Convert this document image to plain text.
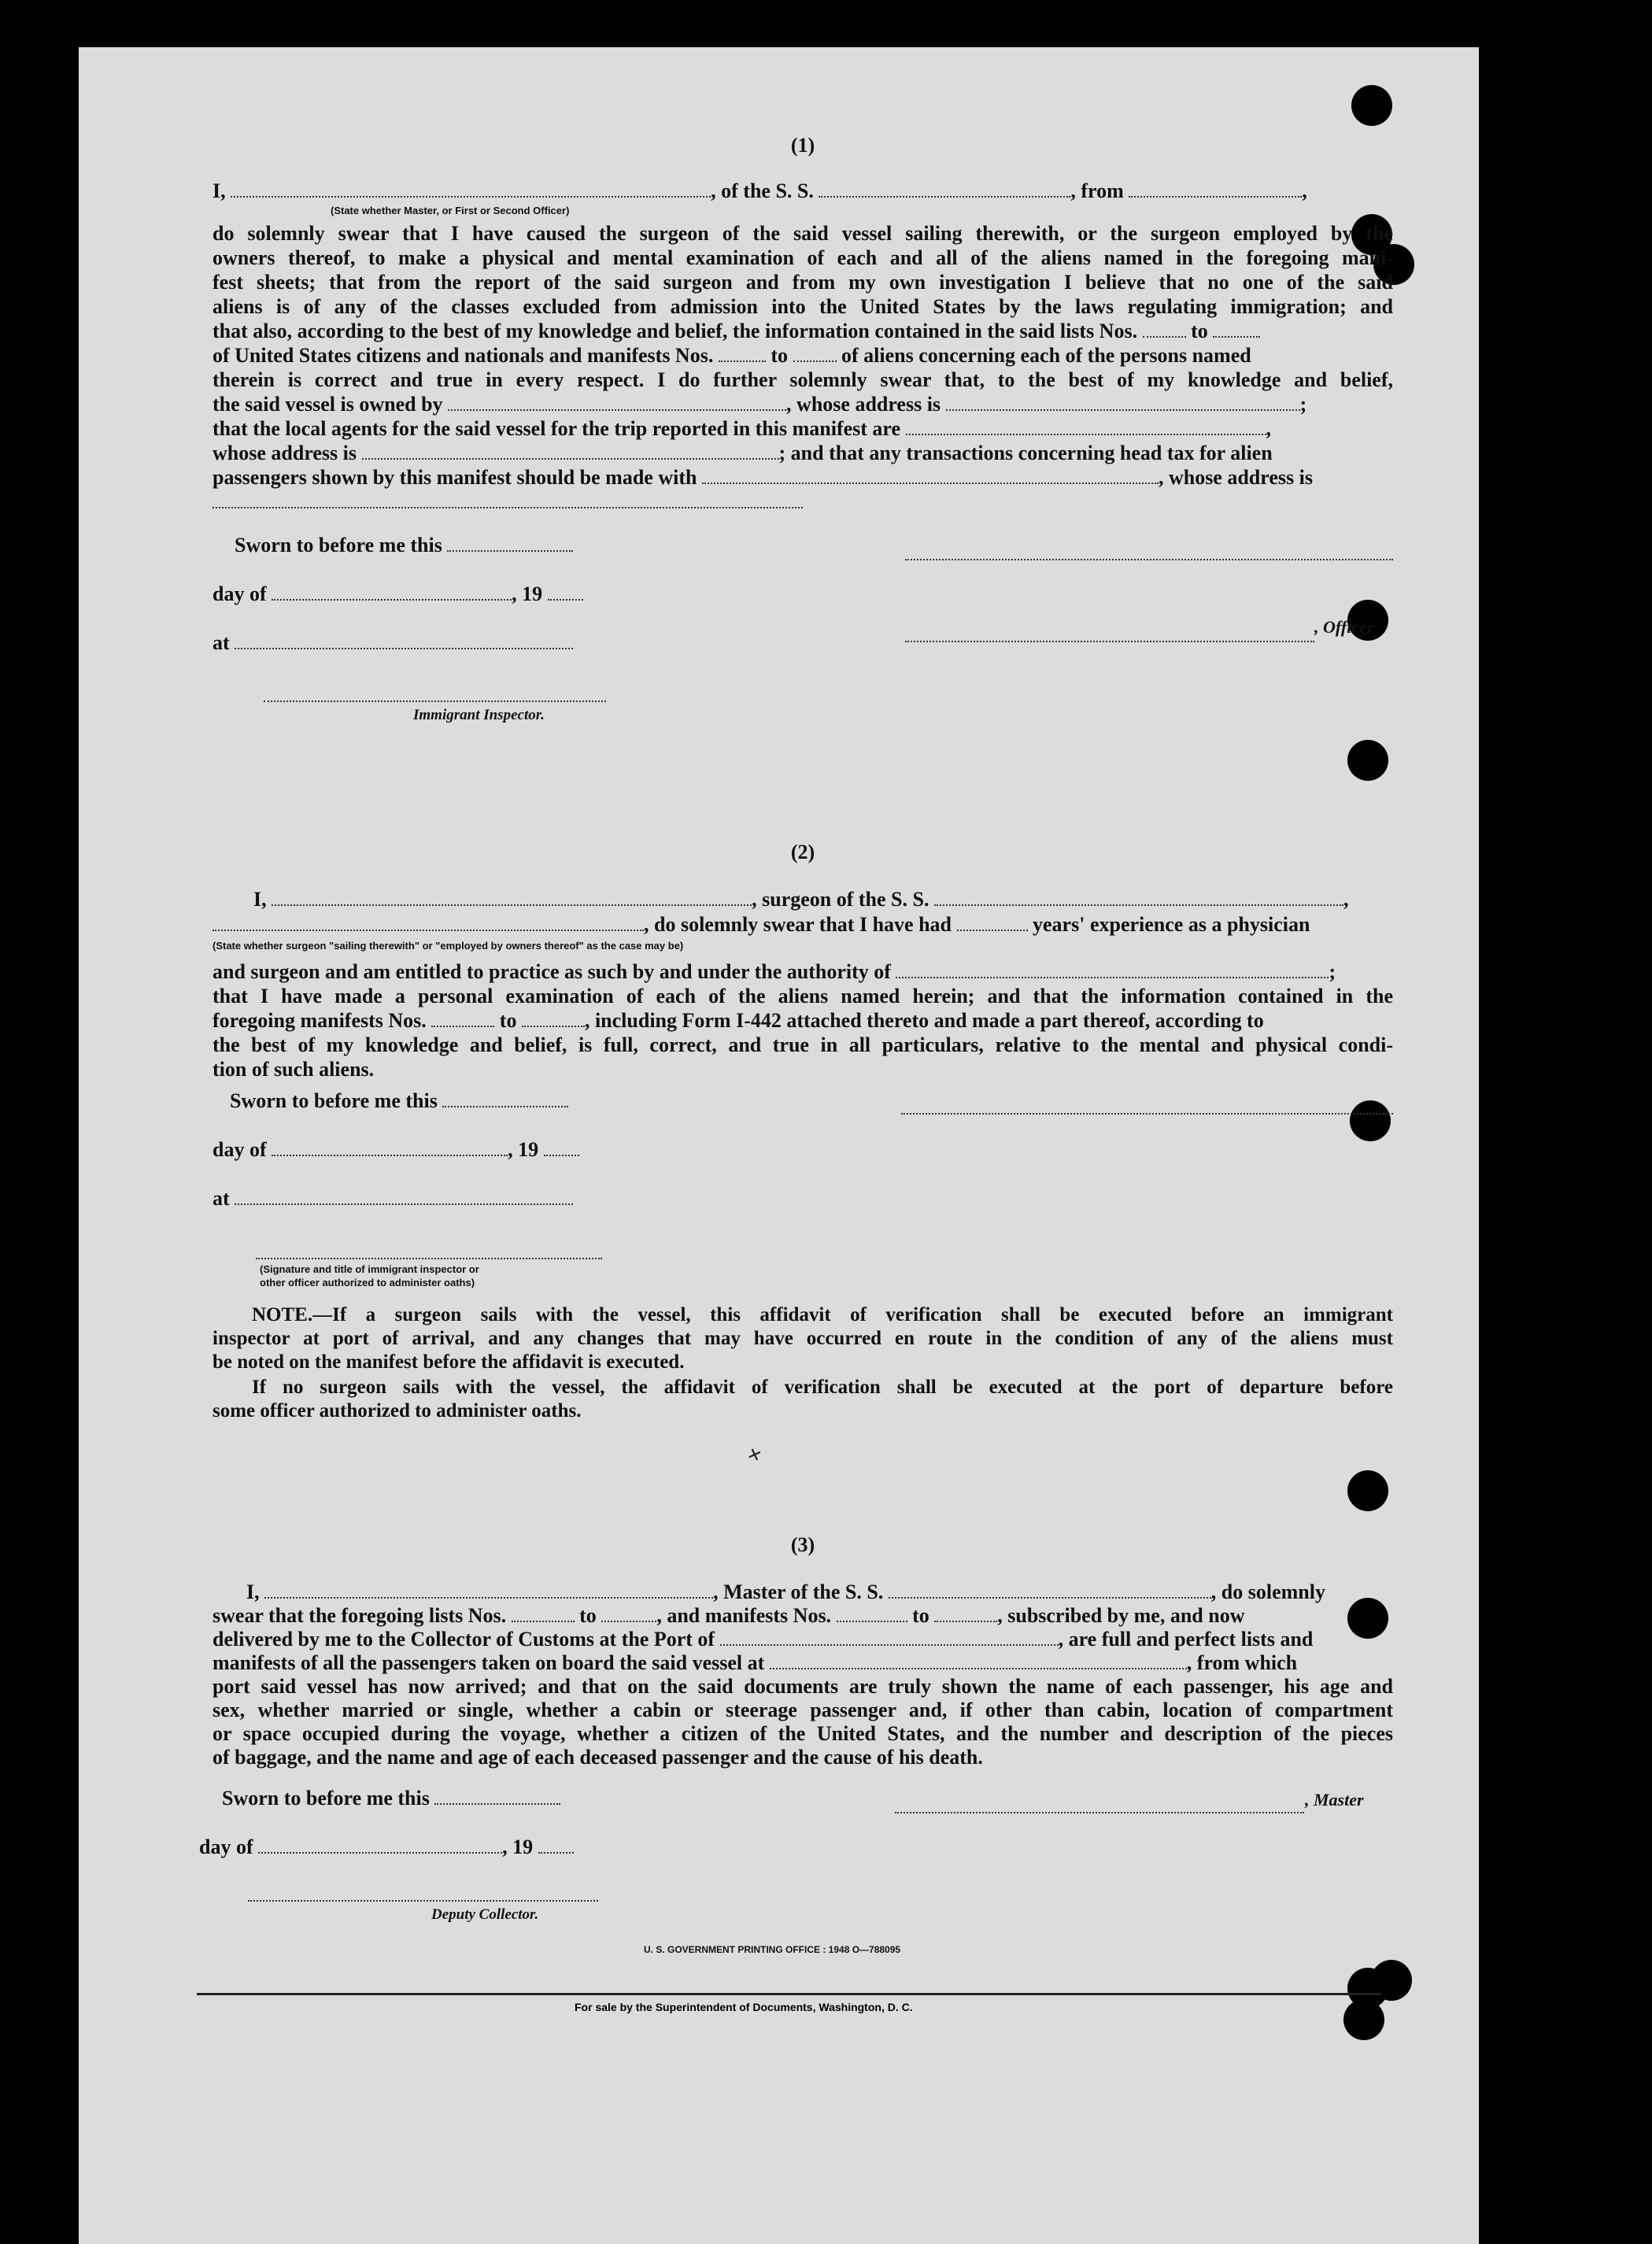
(1)
I,	, of the S. S.	, from	,
(State whether Master, or First or Second Officer)
do solemnly swear that I have caused the surgeon of the said vessel sailing therewith, or the surgeon employed by the
owners thereof, to make a physical and mental examination of each and all of the aliens named in the foregoing mani-
fest sheets; that from the report of the said surgeon and from my own investigation I believe that no one of the said
aliens is of any of the classes excluded from admission into the United States by the laws regulating immigration; and
that also, according to the best of my knowledge and belief, the information contained in the said lists Nos.	to
of United States citizens and nationals and manifests Nos.	to	of aliens concerning each of the persons named
therein is correct and true in every respect. I do further solemnly swear that, to the best of my knowledge and belief,
the said vessel is owned by	, whose address is	;
that the local agents for the said vessel for the trip reported in this manifest are	,
whose address is	; and that any transactions concerning head tax for alien
passengers shown by this manifest should be made with	, whose address is
Sworn to before me this
day of	, 19
, Officer
at
Immigrant Inspector.
(2)
I,	, surgeon of the S. S.	,
, do solemnly swear that I have had	years' experience as a physician
(State whether surgeon "sailing therewith" or "employed by owners thereof" as the case may be)
and surgeon and am entitled to practice as such by and under the authority of	;
that I have made a personal examination of each of the aliens named herein; and that the information contained in the
foregoing manifests Nos.	to	, including Form I-442 attached thereto and made a part thereof, according to
the best of my knowledge and belief, is full, correct, and true in all particulars, relative to the mental and physical condi-
tion of such aliens.
Sworn to before me this
day of	, 19
at
(Signature and title of immigrant inspector or
other officer authorized to administer oaths)
NOTE.—If a surgeon sails with the vessel, this affidavit of verification shall be executed before an immigrant
inspector at port of arrival, and any changes that may have occurred en route in the condition of any of the aliens must
be noted on the manifest before the affidavit is executed.
If no surgeon sails with the vessel, the affidavit of verification shall be executed at the port of departure before
some officer authorized to administer oaths.
×
(3)
I,	, Master of the S. S.	, do solemnly
swear that the foregoing lists Nos.	to	, and manifests Nos.	to	, subscribed by me, and now
delivered by me to the Collector of Customs at the Port of	, are full and perfect lists and
manifests of all the passengers taken on board the said vessel at	, from which
port said vessel has now arrived; and that on the said documents are truly shown the name of each passenger, his age and
sex, whether married or single, whether a cabin or steerage passenger and, if other than cabin, location of compartment
or space occupied during the voyage, whether a citizen of the United States, and the number and description of the pieces
of baggage, and the name and age of each deceased passenger and the cause of his death.
Sworn to before me this	, Master
day of	, 19
Deputy Collector.
U. S. GOVERNMENT PRINTING OFFICE : 1948 O—788095
For sale by the Superintendent of Documents, Washington, D. C.
